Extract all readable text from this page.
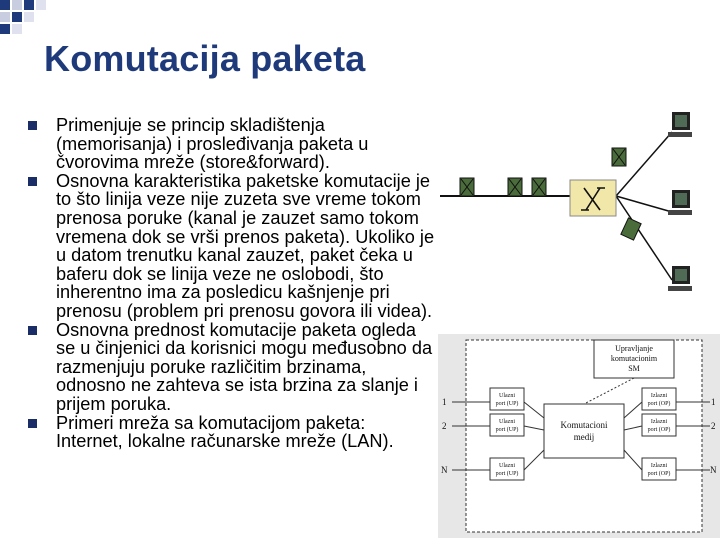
Komutacija paketa
Primenjuje se princip skladištenja (memorisanja) i prosleđivanja paketa u čvorovima mreže (store&forward).
Osnovna karakteristika paketske komutacije je to što linija veze nije zuzeta sve vreme tokom prenosa poruke (kanal je zauzet samo tokom vremena dok se vrši prenos paketa). Ukoliko je u datom trenutku kanal zauzet, paket čeka u baferu dok se linija veze ne oslobodi, što inherentno ima za posledicu kašnjenje pri prenosu (problem pri prenosu govora ili videa).
Osnovna prednost komutacije paketa ogleda se u činjenici da korisnici mogu međusobno da razmenjuju poruke različitim brzinama, odnosno ne zahteva se ista brzina za slanje i prijem poruka.
Primeri mreža sa komutacijom paketa: Internet, lokalne računarske mreže (LAN).
Upravljanje
komutacionim
SM
Komutacioni
medij
Ulazni
port (UP)
Ulazni
port (UP)
Ulazni
port (UP)
Izlazni
port (OP)
Izlazni
port (OP)
Izlazni
port (OP)
1
2
N
1
2
N
